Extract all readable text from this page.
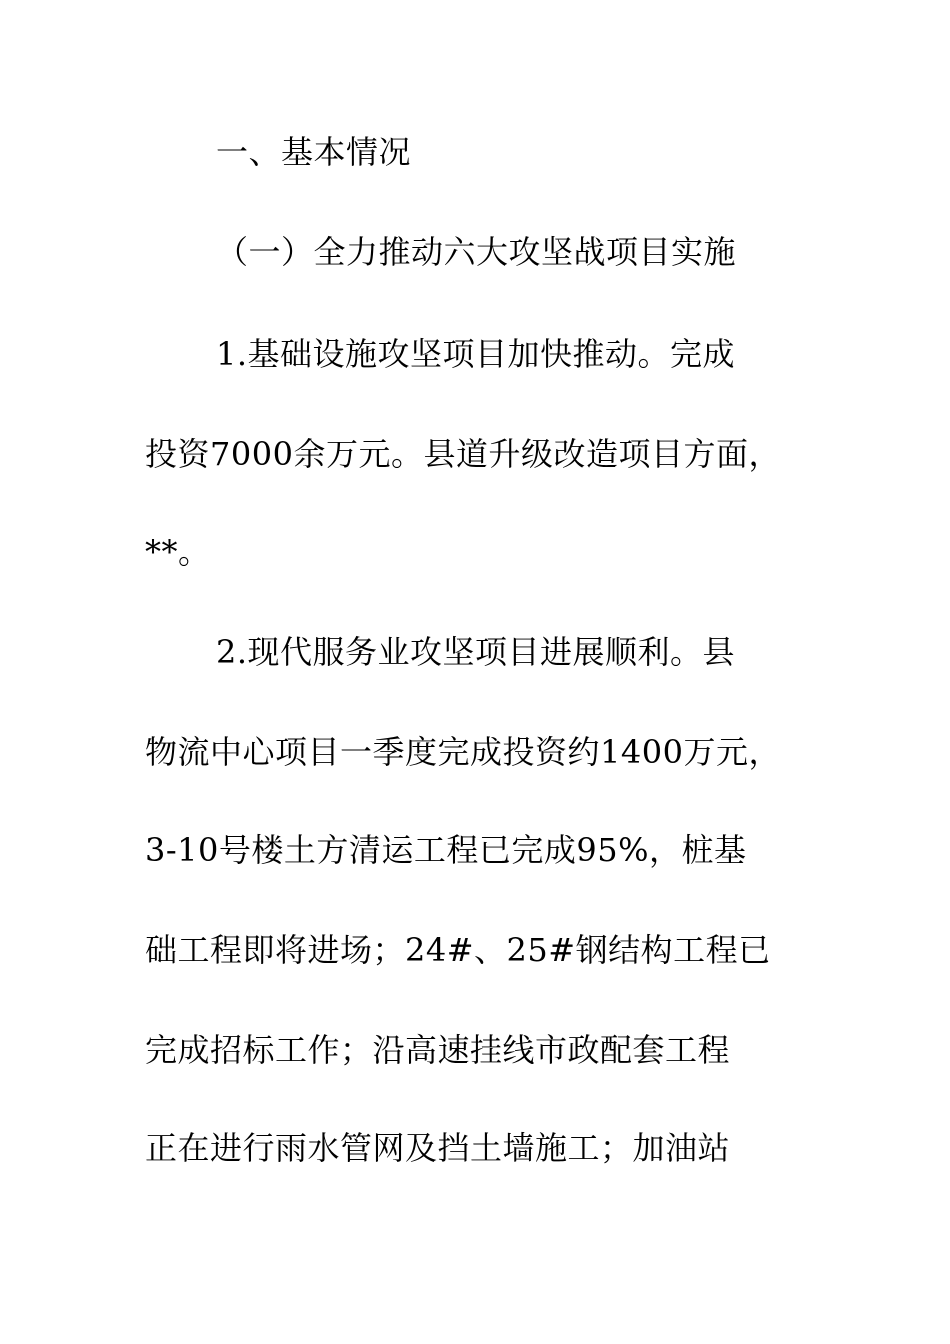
一、基本情况
（一）全力推动六大攻坚战项目实施
1.基础设施攻坚项目加快推动。完成
投资7000余万元。县道升级改造项目方面，
**。
2.现代服务业攻坚项目进展顺利。县
物流中心项目一季度完成投资约1400万元，
3-10号楼土方清运工程已完成95%，桩基
础工程即将进场；24#、25#钢结构工程已
完成招标工作；沿高速挂线市政配套工程
正在进行雨水管网及挡土墙施工；加油站
